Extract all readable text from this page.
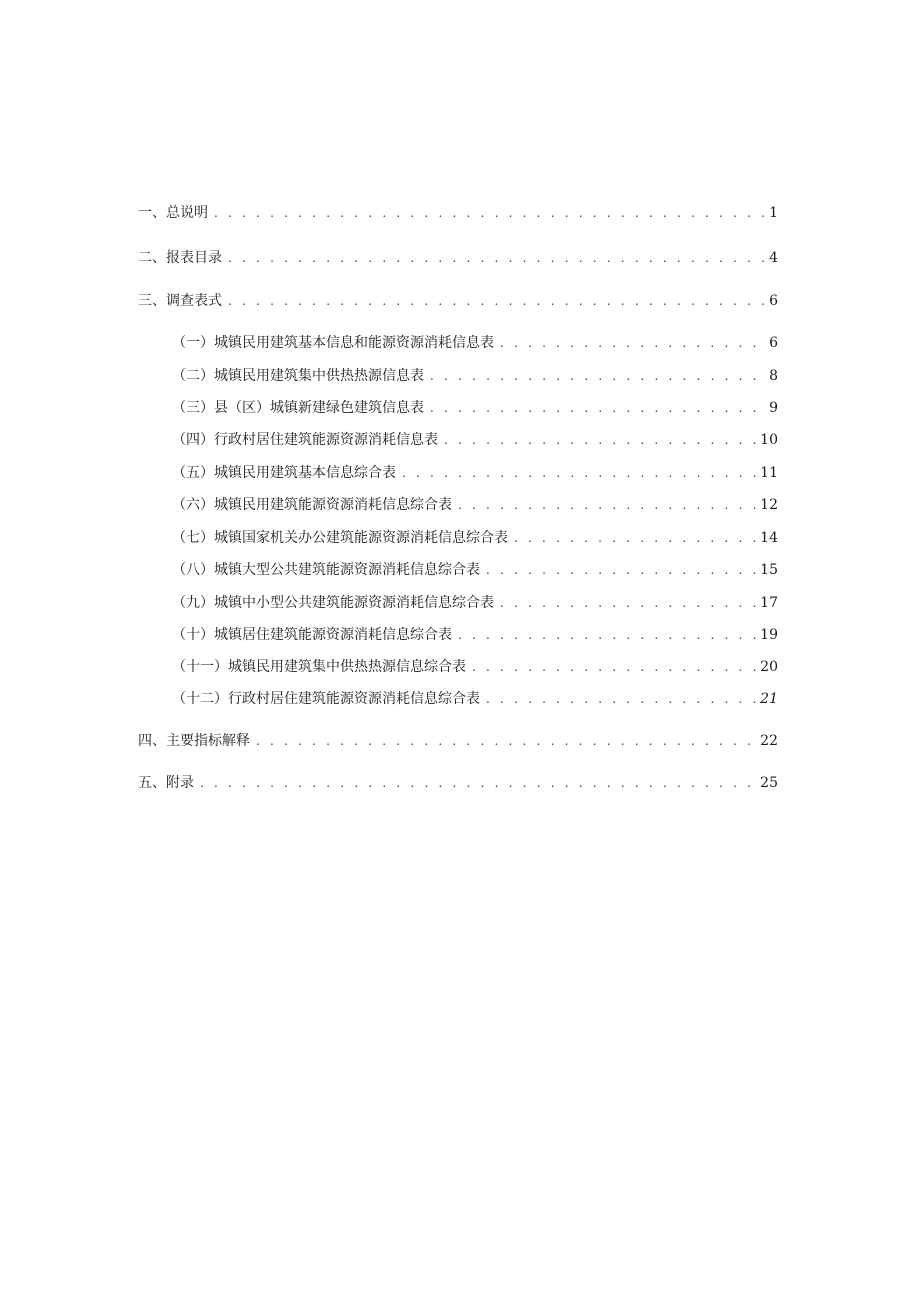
一、总说明 . . .	1
二、报表目录 . . .	4
三、调查表式 . . .	6
（一）城镇民用建筑基本信息和能源资源消耗信息表 . . .	6
（二）城镇民用建筑集中供热热源信息表 . . .	8
（三）县（区）城镇新建绿色建筑信息表 . . .	9
（四）行政村居住建筑能源资源消耗信息表 . . .	10
（五）城镇民用建筑基本信息综合表 . . .	11
（六）城镇民用建筑能源资源消耗信息综合表 . . .	12
（七）城镇国家机关办公建筑能源资源消耗信息综合表 . . .	14
（八）城镇大型公共建筑能源资源消耗信息综合表 . . .	15
（九）城镇中小型公共建筑能源资源消耗信息综合表 . . .	17
（十）城镇居住建筑能源资源消耗信息综合表 . . .	19
（十一）城镇民用建筑集中供热热源信息综合表 . . .	20
（十二）行政村居住建筑能源资源消耗信息综合表 . . .	21
四、主要指标解释 . . .	22
五、附录 . . .	25
